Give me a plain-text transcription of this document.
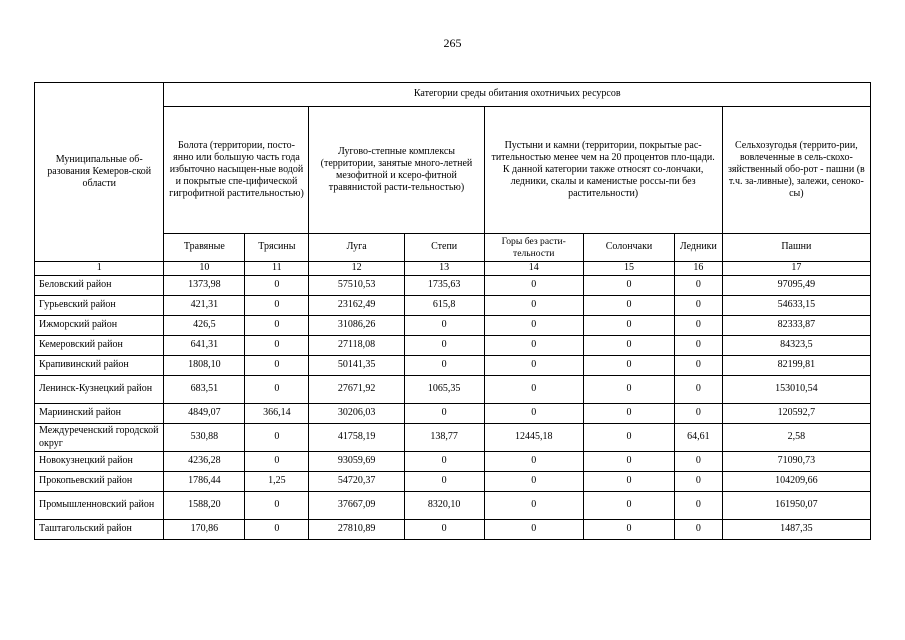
265
Муниципальные об-разования Кемеров-ской области	Категории среды обитания охотничьих ресурсов							
	Болота (территории, посто-янно или большую часть года избыточно насыщен-ные водой и покрытые спе-цифической гигрофитной растительностью)		Лугово-степные комплексы (территории, занятые много-летней мезофитной и ксеро-фитной травянистой расти-тельностью)		Пустыни и камни (территории, покрытые рас-тительностью менее чем на 20 процентов пло-щади. К данной категории также относят со-лончаки, ледники, скалы и каменистые россы-пи без растительности)			Сельхозугодья (террито-рии, вовлеченные в сель-скохо-зяйственный обо-рот - пашни (в т.ч. за-ливные), залежи, сеноко-сы)
	Травяные	Трясины	Луга	Степи	Горы без расти-тельности	Солончаки	Ледники	Пашни
1	10	11	12	13	14	15	16	17
Беловский район	1373,98	0	57510,53	1735,63	0	0	0	97095,49
Гурьевский район	421,31	0	23162,49	615,8	0	0	0	54633,15
Ижморский район	426,5	0	31086,26	0	0	0	0	82333,87
Кемеровский район	641,31	0	27118,08	0	0	0	0	84323,5
Крапивинский район	1808,10	0	50141,35	0	0	0	0	82199,81
Ленинск-Кузнецкий район	683,51	0	27671,92	1065,35	0	0	0	153010,54
Мариинский район	4849,07	366,14	30206,03	0	0	0	0	120592,7
Междуреченский городской округ	530,88	0	41758,19	138,77	12445,18	0	64,61	2,58
Новокузнецкий район	4236,28	0	93059,69	0	0	0	0	71090,73
Прокопьевский район	1786,44	1,25	54720,37	0	0	0	0	104209,66
Промышленновский район	1588,20	0	37667,09	8320,10	0	0	0	161950,07
Таштагольский район	170,86	0	27810,89	0	0	0	0	1487,35
